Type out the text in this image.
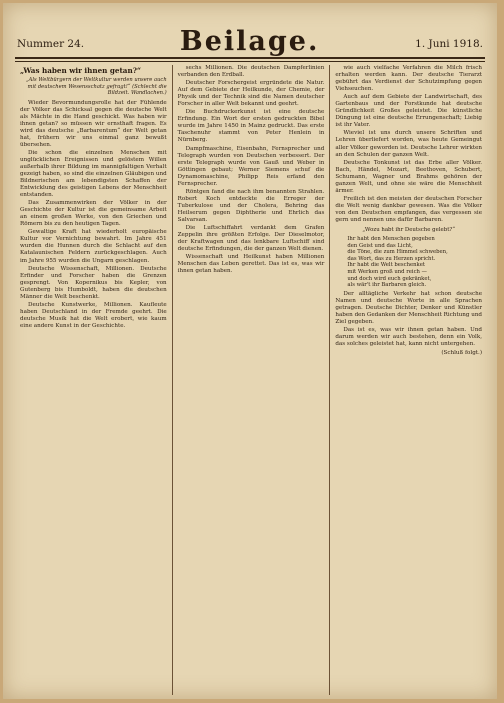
Nummer 24.	Beilage.	1. Juni 1918.
„Was haben wir ihnen getan?“
„Als Weltbürgern der Weltkultur werden unsere auch mit deutschem Wesensschatz gefragt!“ (Schlecht die Bildzeit. Wandlachen.)

Wieder Bevormundungsrolle hat der Fühlende der Völker das Schicksal gegen die deutsche Welt als Mächte in die Hand geschickt. Was haben wir ihnen getan? so müssen wir ernsthaft fragen. Es wird das deutsche „Barbarentum“ der Welt getan hat, frühern wir uns einmal ganz bewußt übersehen.

Die schon die einzelnen Menschen mit unglücklichen Ereignissen und gelöstem Willen außerhalb ihrer Bildung im mannigfaltigen Verhalt gezeigt haben, so sind die einzelnen Gläubigen und Bildnerischen am lebendigsten Schaffen der Entwicklung des geistigen Lebens der Menschheit entstanden.

Das Zusammenwirken der Völker in der Geschichte der Kultur ist die gemeinsame Arbeit an einem großen Werke, von den Griechen und Römern bis zu den heutigen Tagen.

Gewaltige Kraft hat wiederholt europäische Kultur vor Vernichtung bewahrt. Im Jahre 451 wurden die Hunnen durch die Schlacht auf den Katalaunischen Feldern zurückgeschlagen. Auch im Jahre 955 wurden die Ungarn geschlagen.

Deutsche Wissenschaft, Millionen. Deutsche Erfinder und Forscher haben die Grenzen gesprengt. Von Kopernikus bis Kepler, von Gutenberg bis Humboldt, haben die deutschen Männer die Welt beschenkt.

Deutsche Kunstwerke, Millionen. Kaufleute haben Deutschland in der Fremde geehrt. Die deutsche Musik hat die Welt erobert, wie kaum eine andere Kunst in der Geschichte.

sechs Millionen. Die deutschen Dampferlinien verbanden den Erdball.

Deutscher Forschergeist ergründete die Natur. Auf dem Gebiete der Heilkunde, der Chemie, der Physik und der Technik sind die Namen deutscher Forscher in aller Welt bekannt und geehrt.

Die Buchdruckerkunst ist eine deutsche Erfindung. Ein Wort der ersten gedruckten Bibel wurde im Jahre 1450 in Mainz gedruckt. Das erste Taschenuhr stammt von Peter Henlein in Nürnberg.

Dampfmaschine, Eisenbahn, Fernsprecher und Telegraph wurden von Deutschen verbessert. Der erste Telegraph wurde von Gauß und Weber in Göttingen gebaut; Werner Siemens schuf die Dynamomaschine, Philipp Reis erfand den Fernsprecher.

Röntgen fand die nach ihm benannten Strahlen. Robert Koch entdeckte die Erreger der Tuberkulose und der Cholera, Behring das Heilserum gegen Diphtherie und Ehrlich das Salvarsan.

Die Luftschiffahrt verdankt dem Grafen Zeppelin ihre größten Erfolge. Der Dieselmotor, der Kraftwagen und das lenkbare Luftschiff sind deutsche Erfindungen, die der ganzen Welt dienen.

Wissenschaft und Heilkunst haben Millionen Menschen das Leben gerettet. Das ist es, was wir ihnen getan haben.

wie auch vielfache Verfahren die Milch frisch erhalten werden kann. Der deutsche Tierarzt gebührt das Verdienst der Schutzimpfung gegen Viehseuchen.

Auch auf dem Gebiete der Landwirtschaft, des Gartenbaus und der Forstkunde hat deutsche Gründlichkeit Großes geleistet. Die künstliche Düngung ist eine deutsche Errungenschaft; Liebig ist ihr Vater.

Wieviel ist uns durch unsere Schriften und Lehren überliefert worden, was heute Gemeingut aller Völker geworden ist. Deutsche Lehrer wirkten an den Schulen der ganzen Welt.

Deutsche Tonkunst ist das Erbe aller Völker. Bach, Händel, Mozart, Beethoven, Schubert, Schumann, Wagner und Brahms gehören der ganzen Welt, und ohne sie wäre die Menschheit ärmer.

Freilich ist den meisten der deutschen Forscher die Welt wenig dankbar gewesen. Was die Völker von den Deutschen empfangen, das vergessen sie gern und nennen uns dafür Barbaren.

„Wozu habt ihr Deutsche gelebt?“
Ihr habt den Menschen gegeben
den Geist und das Licht,
die Töne, die zum Himmel schweben,
das Wort, das zu Herzen spricht.
Ihr habt die Welt beschenket
mit Werken groß und reich —
und doch wird euch gekränket,
als wär't ihr Barbaren gleich.

Der alltägliche Verkehr hat schon deutsche Namen und deutsche Worte in alle Sprachen getragen. Deutsche Dichter, Denker und Künstler haben den Gedanken der Menschheit Richtung und Ziel gegeben.

Das ist es, was wir ihnen getan haben. Und darum werden wir auch bestehen, denn ein Volk, das solches geleistet hat, kann nicht untergehen.

(Schluß folgt.)
